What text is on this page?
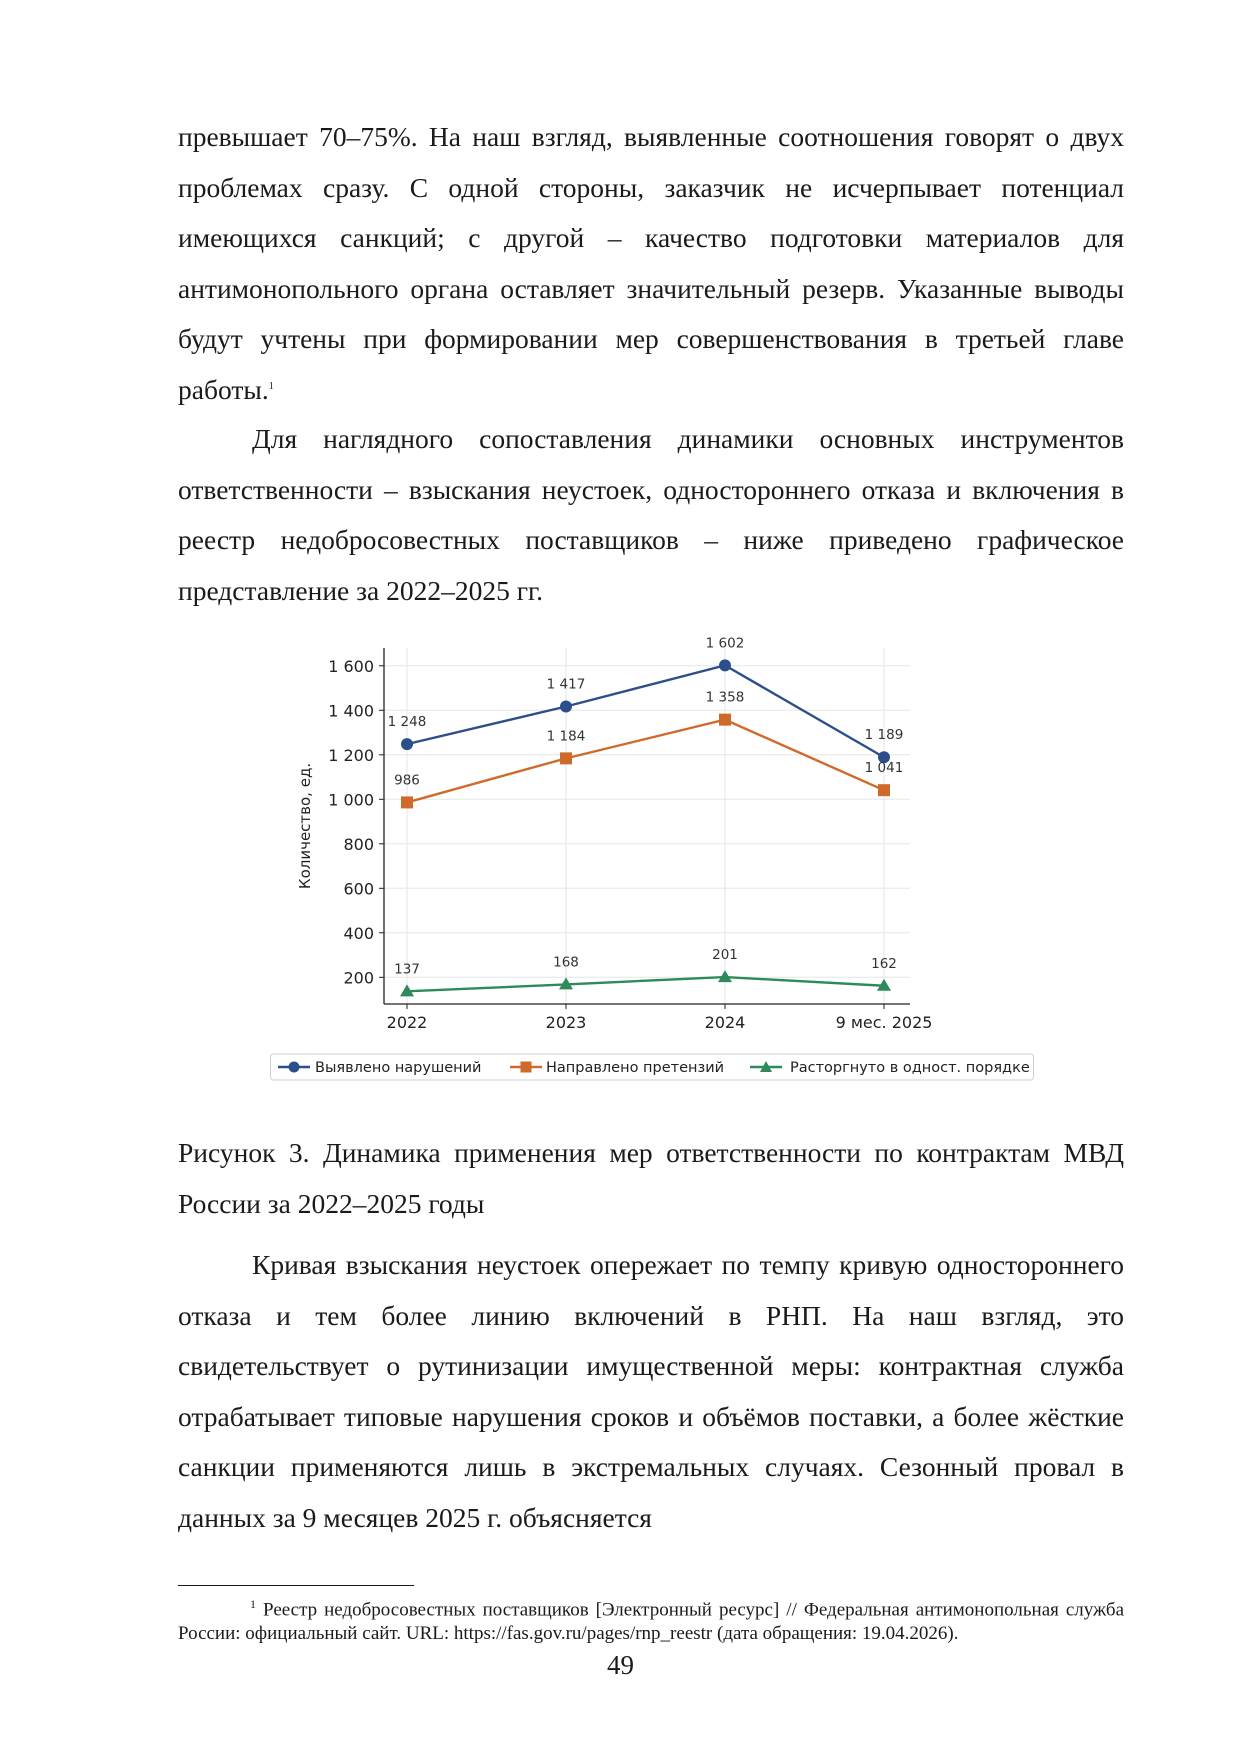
превышает 70–75%. На наш взгляд, выявленные соотношения говорят о двух проблемах сразу. С одной стороны, заказчик не исчерпывает потенциал имеющихся санкций; с другой – качество подготовки материалов для антимонопольного органа оставляет значительный резерв. Указанные выводы будут учтены при формировании мер совершенствования в третьей главе работы.$^1$

Для наглядного сопоставления динамики основных инструментов ответственности – взыскания неустоек, одностороннего отказа и включения в реестр недобросовестных поставщиков – ниже приведено графическое представление за 2022–2025 гг.

200
400
600
800
1 000
1 200
1 400
1 600
2022	2023	2024	9 мес. 2025
Количество, ед.
1 248
1 417
1 602
1 189
986
1 184
1 358
1 041
137	168	201
162
Выявлено нарушений	Направлено претензий	Расторгнуто в одност. порядке

Рисунок 3. Динамика применения мер ответственности по контрактам МВД России за 2022–2025 годы

Кривая взыскания неустоек опережает по темпу кривую одностороннего отказа и тем более линию включений в РНП. На наш взгляд, это свидетельствует о рутинизации имущественной меры: контрактная служба отрабатывает типовые нарушения сроков и объёмов поставки, а более жёсткие санкции применяются лишь в экстремальных случаях. Сезонный провал в данных за 9 месяцев 2025 г. объясняется

$^1$ Реестр недобросовестных поставщиков [Электронный ресурс] // Федеральная антимонопольная служба России: официальный сайт. URL: https://fas.gov.ru/pages/rnp_reestr (дата обращения: 19.04.2026).

49
